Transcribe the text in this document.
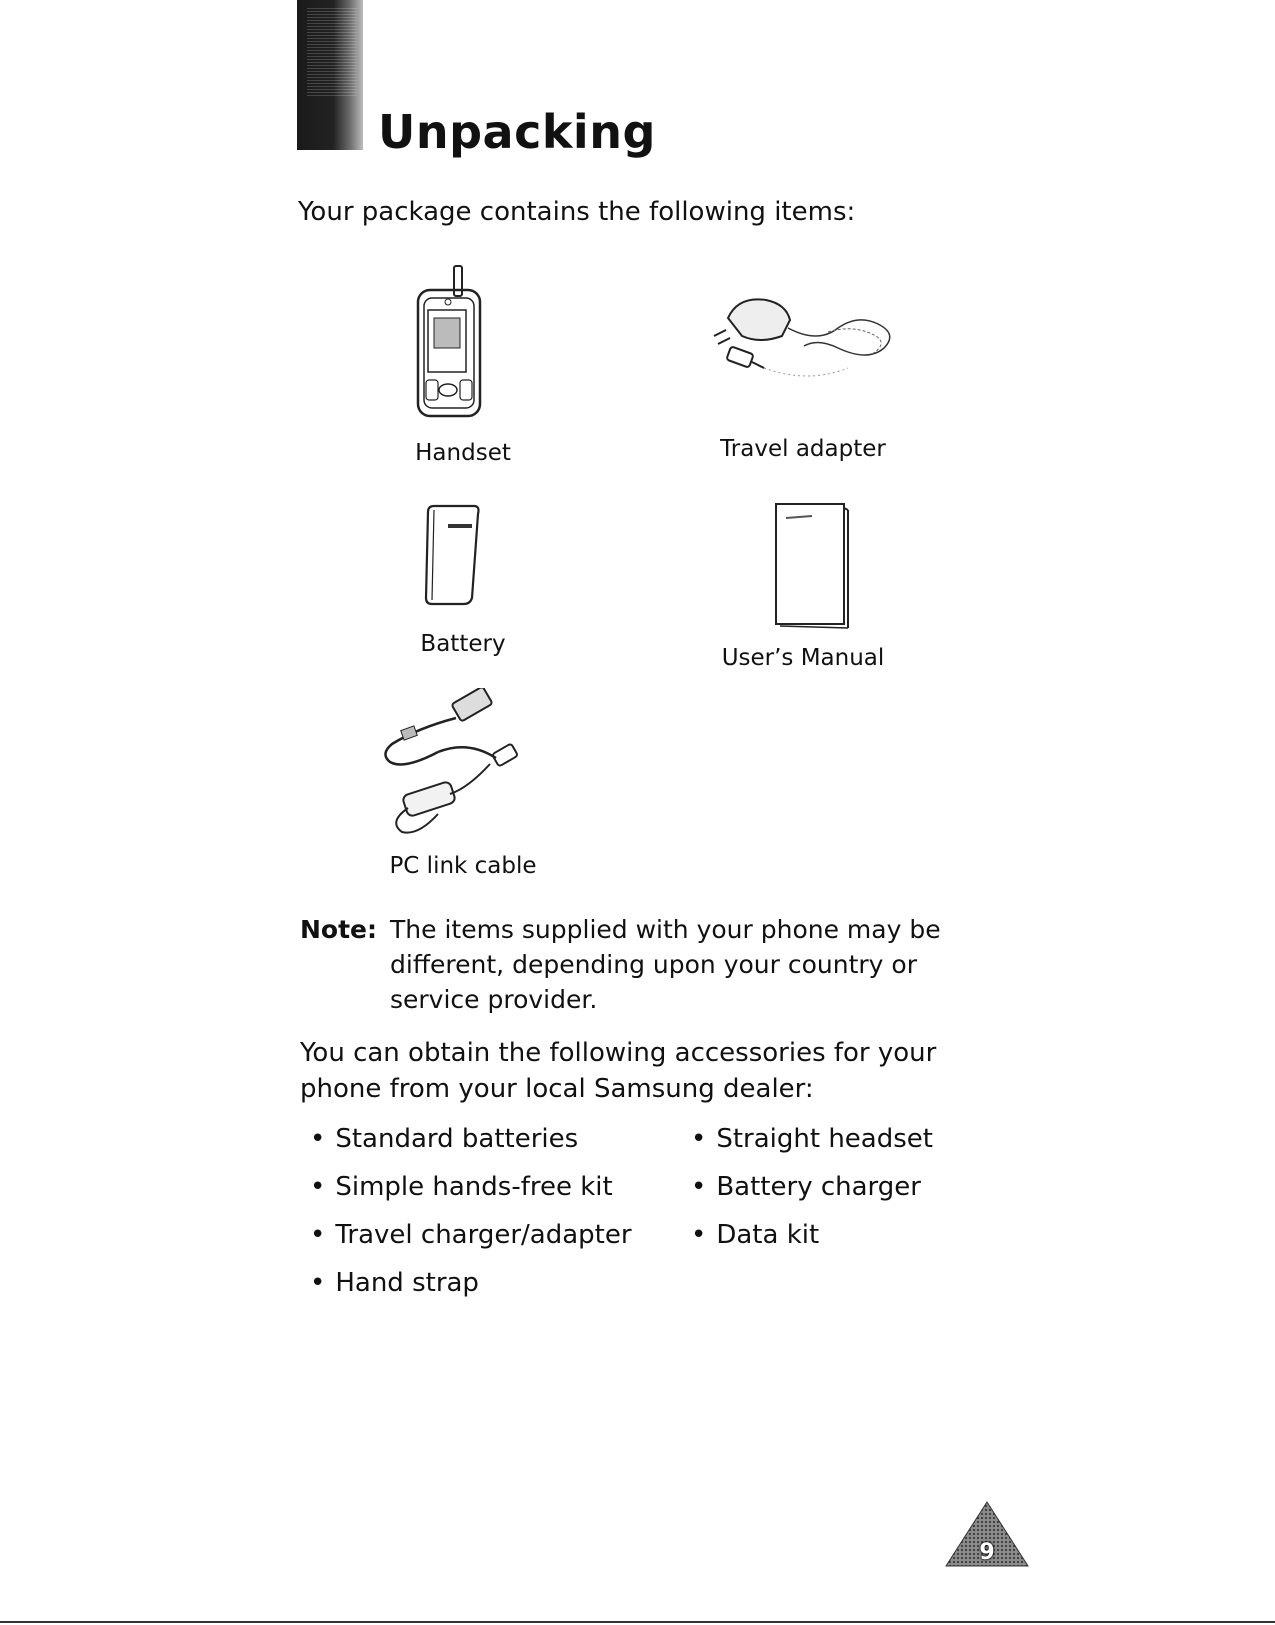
Unpacking
Your package contains the following items:
Handset	Travel adapter
Battery
User’s Manual
PC link cable
Note: The items supplied with your phone may be different, depending upon your country or service provider.
You can obtain the following accessories for your phone from your local Samsung dealer:
• Standard batteries
• Simple hands-free kit
• Travel charger/adapter
• Hand strap
• Straight headset
• Battery charger
• Data kit
9
